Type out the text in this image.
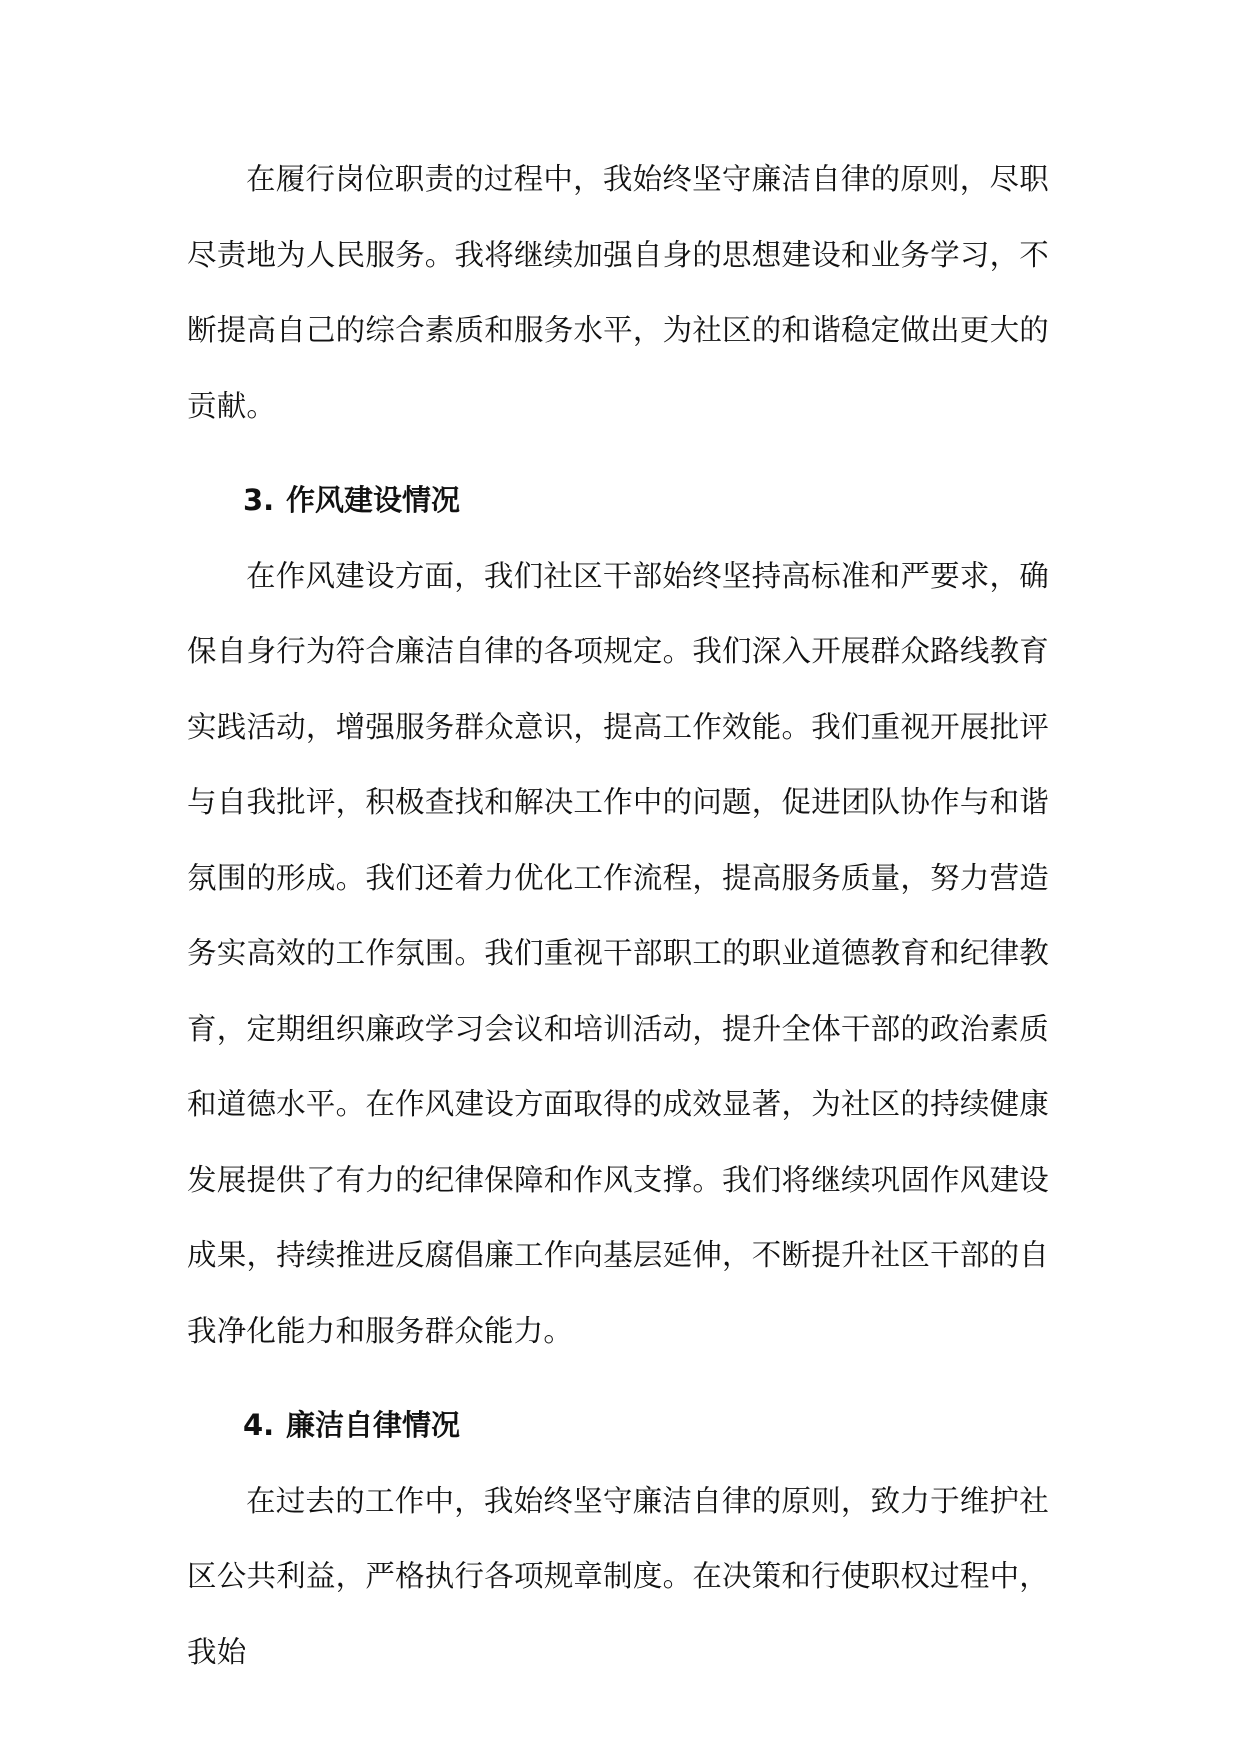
在履行岗位职责的过程中，我始终坚守廉洁自律的原则，尽职尽责地为人民服务。我将继续加强自身的思想建设和业务学习，不断提高自己的综合素质和服务水平，为社区的和谐稳定做出更大的贡献。

3. 作风建设情况

在作风建设方面，我们社区干部始终坚持高标准和严要求，确保自身行为符合廉洁自律的各项规定。我们深入开展群众路线教育实践活动，增强服务群众意识，提高工作效能。我们重视开展批评与自我批评，积极查找和解决工作中的问题，促进团队协作与和谐氛围的形成。我们还着力优化工作流程，提高服务质量，努力营造务实高效的工作氛围。我们重视干部职工的职业道德教育和纪律教育，定期组织廉政学习会议和培训活动，提升全体干部的政治素质和道德水平。在作风建设方面取得的成效显著，为社区的持续健康发展提供了有力的纪律保障和作风支撑。我们将继续巩固作风建设成果，持续推进反腐倡廉工作向基层延伸，不断提升社区干部的自我净化能力和服务群众能力。

4. 廉洁自律情况

在过去的工作中，我始终坚守廉洁自律的原则，致力于维护社区公共利益，严格执行各项规章制度。在决策和行使职权过程中，我始
